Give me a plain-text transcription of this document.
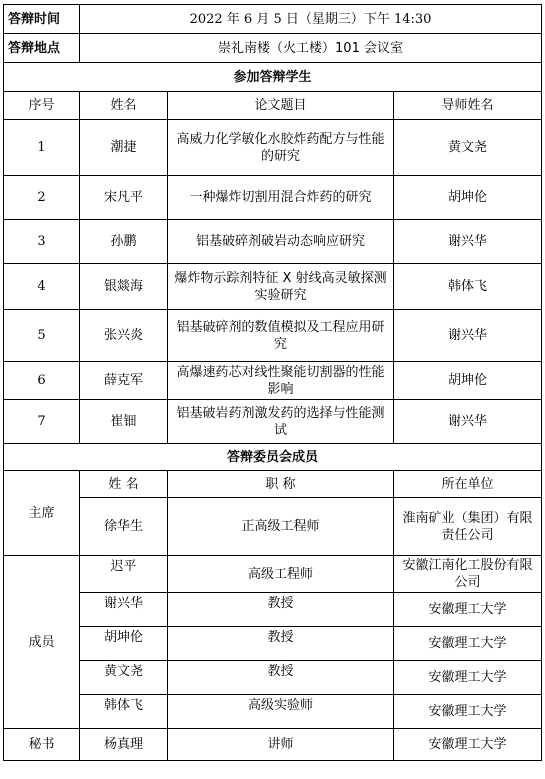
答辩时间	2022 年 6 月 5 日（星期三）下午 14:30		
答辩地点	崇礼南楼（火工楼）101 会议室		
参加答辩学生			
序号	姓名	论文题目	导师姓名
1	潮捷	高威力化学敏化水胶炸药配方与性能的研究	黄文尧
2	宋凡平	一种爆炸切割用混合炸药的研究	胡坤伦
3	孙鹏	铝基破碎剂破岩动态响应研究	谢兴华
4	银燚海	爆炸物示踪剂特征 X 射线高灵敏探测实验研究	韩体飞
5	张兴炎	铝基破碎剂的数值模拟及工程应用研究	谢兴华
6	薛克军	高爆速药芯对线性聚能切割器的性能影响	胡坤伦
7	崔钿	铝基破岩药剂激发药的选择与性能测试	谢兴华
答辩委员会成员			
主席	姓 名	职 称	所在单位
	徐华生	正高级工程师	淮南矿业（集团）有限责任公司
成员	迟平	高级工程师	安徽江南化工股份有限公司
	谢兴华	教授	安徽理工大学
	胡坤伦	教授	安徽理工大学
	黄文尧	教授	安徽理工大学
	韩体飞	高级实验师	安徽理工大学
秘书	杨真理	讲师	安徽理工大学
